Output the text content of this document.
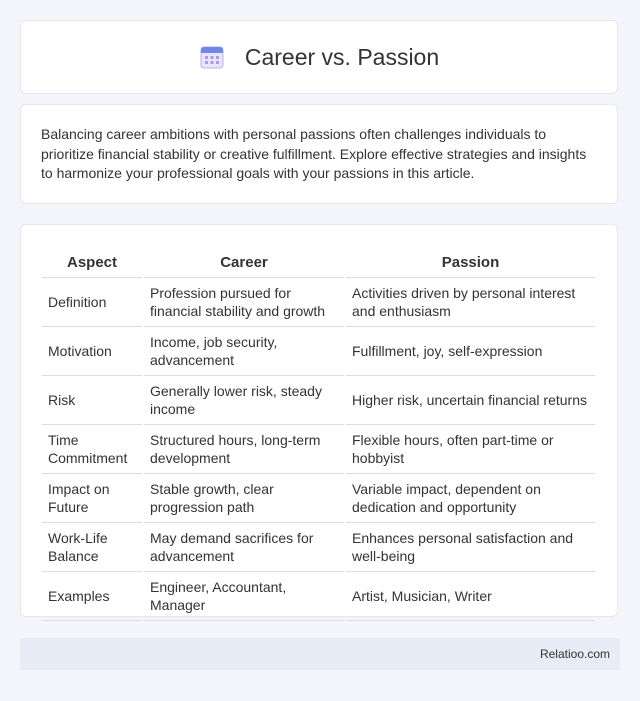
Career vs. Passion

Balancing career ambitions with personal passions often challenges individuals to prioritize financial stability or creative fulfillment. Explore effective strategies and insights to harmonize your professional goals with your passions in this article.

Aspect	Career	Passion
Definition	Profession pursued for financial stability and growth	Activities driven by personal interest and enthusiasm
Motivation	Income, job security, advancement	Fulfillment, joy, self-expression
Risk	Generally lower risk, steady income	Higher risk, uncertain financial returns
Time Commitment	Structured hours, long-term development	Flexible hours, often part-time or hobbyist
Impact on Future	Stable growth, clear progression path	Variable impact, dependent on dedication and opportunity
Work-Life Balance	May demand sacrifices for advancement	Enhances personal satisfaction and well-being
Examples	Engineer, Accountant, Manager	Artist, Musician, Writer
Relatioo.com
